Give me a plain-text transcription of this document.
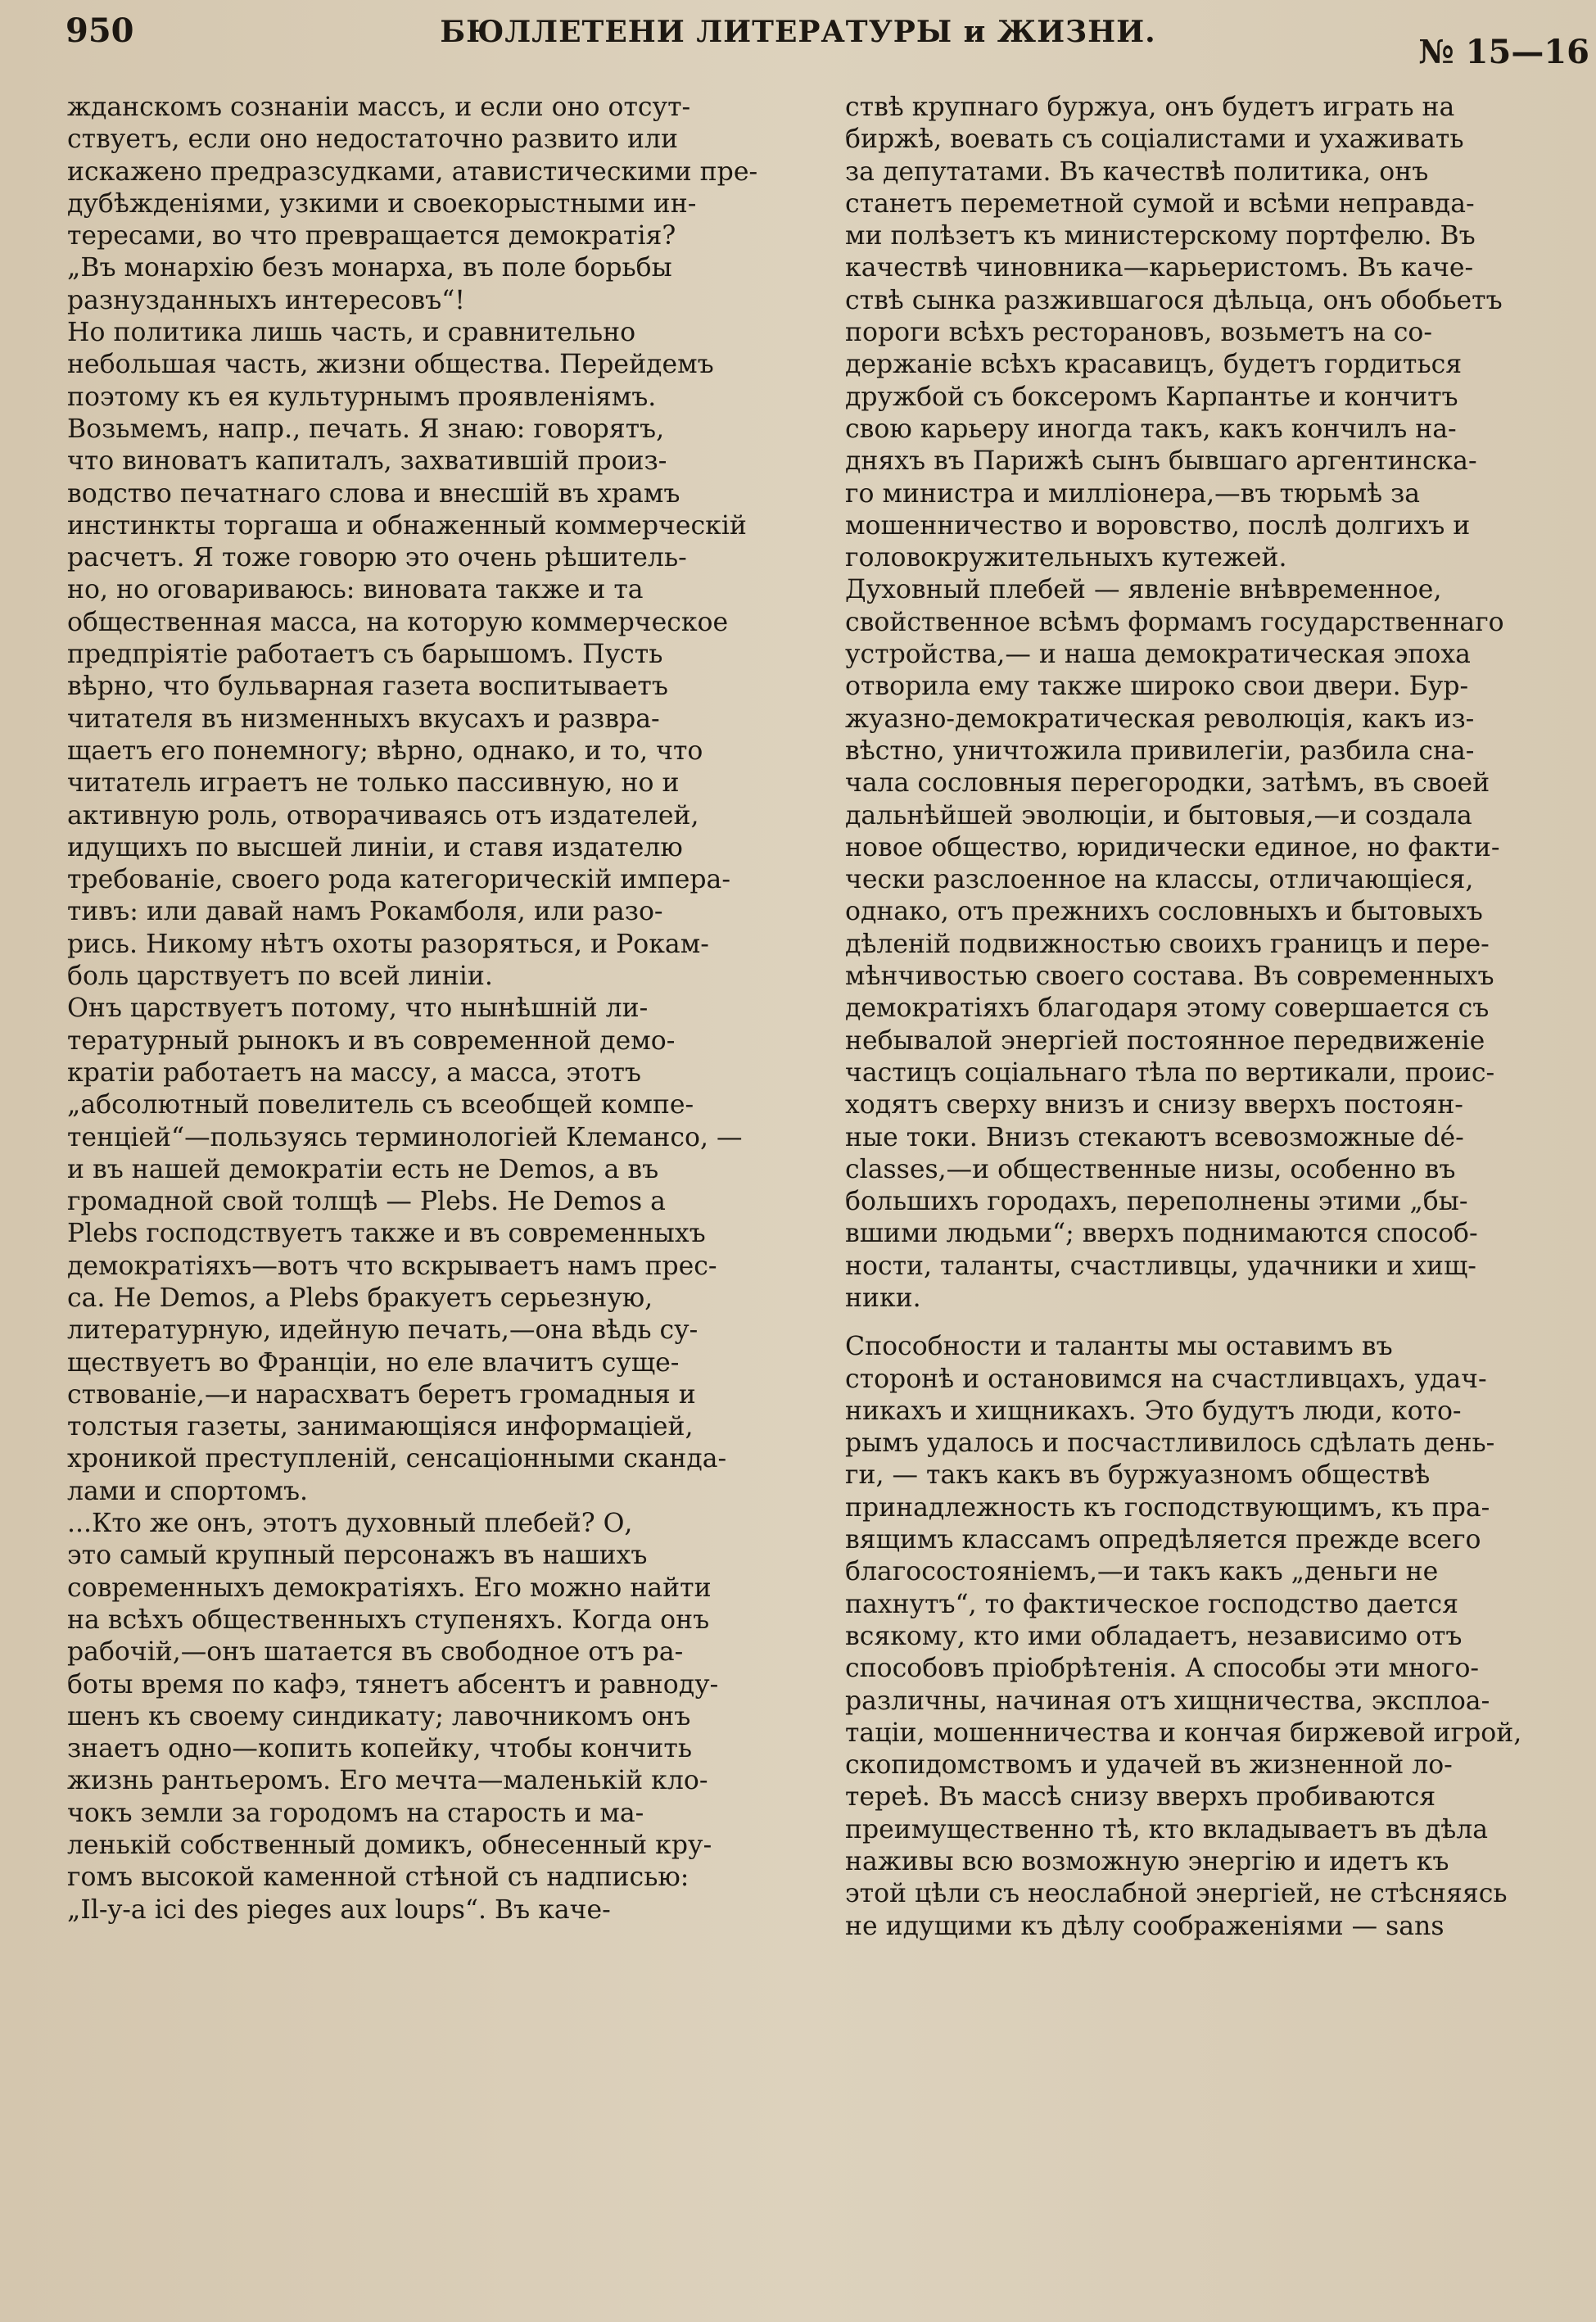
950	БЮЛЛЕТЕНИ ЛИТЕРАТУРЫ и ЖИЗНИ.
№ 15—16
жданскомъ сознаніи массъ, и если оно отсут-
ствуетъ, если оно недостаточно развито или
искажено предразсудками, атавистическими пре-
дубѣжденіями, узкими и своекорыстными ин-
тересами, во что превращается демократія?
„Въ монархію безъ монарха, въ поле борьбы
разнузданныхъ интересовъ“!
Но политика лишь часть, и сравнительно
небольшая часть, жизни общества. Перейдемъ
поэтому къ ея культурнымъ проявленіямъ.
Возьмемъ, напр., печать. Я знаю: говорятъ,
что виноватъ капиталъ, захватившій произ-
водство печатнаго слова и внесшій въ храмъ
инстинкты торгаша и обнаженный коммерческій
расчетъ. Я тоже говорю это очень рѣшитель-
но, но оговариваюсь: виновата также и та
общественная масса, на которую коммерческое
предпріятіе работаетъ съ барышомъ. Пусть
вѣрно, что бульварная газета воспитываетъ
читателя въ низменныхъ вкусахъ и развра-
щаетъ его понемногу; вѣрно, однако, и то, что
читатель играетъ не только пассивную, но и
активную роль, отворачиваясь отъ издателей,
идущихъ по высшей линіи, и ставя издателю
требованіе, своего рода категорическій импера-
тивъ: или давай намъ Рокамболя, или разо-
рись. Никому нѣтъ охоты разоряться, и Рокам-
боль царствуетъ по всей линіи.
Онъ царствуетъ потому, что нынѣшній ли-
тературный рынокъ и въ современной демо-
кратіи работаетъ на массу, а масса, этотъ
„абсолютный повелитель съ всеобщей компе-
тенціей“—пользуясь терминологіей Клемансо, —
и въ нашей демократіи есть не Demos, а въ
громадной свой толщѣ — Plebs. Не Demos а
Plebs господствуетъ также и въ современныхъ
демократіяхъ—вотъ что вскрываетъ намъ прес-
са. Не Demos, а Plebs бракуетъ серьезную,
литературную, идейную печать,—она вѣдь су-
ществуетъ во Франціи, но еле влачитъ суще-
ствованіе,—и нарасхватъ беретъ громадныя и
толстыя газеты, занимающіяся информаціей,
хроникой преступленій, сенсаціонными сканда-
лами и спортомъ.
...Кто же онъ, этотъ духовный плебей? О,
это самый крупный персонажъ въ нашихъ
современныхъ демократіяхъ. Его можно найти
на всѣхъ общественныхъ ступеняхъ. Когда онъ
рабочій,—онъ шатается въ свободное отъ ра-
боты время по кафэ, тянетъ абсентъ и равноду-
шенъ къ своему синдикату; лавочникомъ онъ
знаетъ одно—копить копейку, чтобы кончить
жизнь рантьеромъ. Его мечта—маленькій кло-
чокъ земли за городомъ на старость и ма-
ленькій собственный домикъ, обнесенный кру-
гомъ высокой каменной стѣной съ надписью:
„Il-y-a ici des pieges aux loups“. Въ каче-
ствѣ крупнаго буржуа, онъ будетъ играть на
биржѣ, воевать съ соціалистами и ухаживать
за депутатами. Въ качествѣ политика, онъ
станетъ переметной сумой и всѣми неправда-
ми полѣзетъ къ министерскому портфелю. Въ
качествѣ чиновника—карьеристомъ. Въ каче-
ствѣ сынка разжившагося дѣльца, онъ обобьетъ
пороги всѣхъ ресторановъ, возьметъ на со-
держаніе всѣхъ красавицъ, будетъ гордиться
дружбой съ боксеромъ Карпантье и кончитъ
свою карьеру иногда такъ, какъ кончилъ на-
дняхъ въ Парижѣ сынъ бывшаго аргентинска-
го министра и милліонера,—въ тюрьмѣ за
мошенничество и воровство, послѣ долгихъ и
головокружительныхъ кутежей.
Духовный плебей — явленіе внѣвременное,
свойственное всѣмъ формамъ государственнаго
устройства,— и наша демократическая эпоха
отворила ему также широко свои двери. Бур-
жуазно-демократическая революція, какъ из-
вѣстно, уничтожила привилегіи, разбила сна-
чала сословныя перегородки, затѣмъ, въ своей
дальнѣйшей эволюціи, и бытовыя,—и создала
новое общество, юридически единое, но факти-
чески разслоенное на классы, отличающіеся,
однако, отъ прежнихъ сословныхъ и бытовыхъ
дѣленій подвижностью своихъ границъ и пере-
мѣнчивостью своего состава. Въ современныхъ
демократіяхъ благодаря этому совершается съ
небывалой энергіей постоянное передвиженіе
частицъ соціальнаго тѣла по вертикали, проис-
ходятъ сверху внизъ и снизу вверхъ постоян-
ные токи. Внизъ стекаютъ всевозможные dé-
classes,—и общественные низы, особенно въ
большихъ городахъ, переполнены этими „бы-
вшими людьми“; вверхъ поднимаются способ-
ности, таланты, счастливцы, удачники и хищ-
ники.
Способности и таланты мы оставимъ въ
сторонѣ и остановимся на счастливцахъ, удач-
никахъ и хищникахъ. Это будутъ люди, кото-
рымъ удалось и посчастливилось сдѣлать день-
ги, — такъ какъ въ буржуазномъ обществѣ
принадлежность къ господствующимъ, къ пра-
вящимъ классамъ опредѣляется прежде всего
благосостояніемъ,—и такъ какъ „деньги не
пахнутъ“, то фактическое господство дается
всякому, кто ими обладаетъ, независимо отъ
способовъ пріобрѣтенія. А способы эти много-
различны, начиная отъ хищничества, эксплоа-
таціи, мошенничества и кончая биржевой игрой,
скопидомствомъ и удачей въ жизненной ло-
тереѣ. Въ массѣ снизу вверхъ пробиваются
преимущественно тѣ, кто вкладываетъ въ дѣла
наживы всю возможную энергію и идетъ къ
этой цѣли съ неослабной энергіей, не стѣсняясь
не идущими къ дѣлу соображеніями — sans
